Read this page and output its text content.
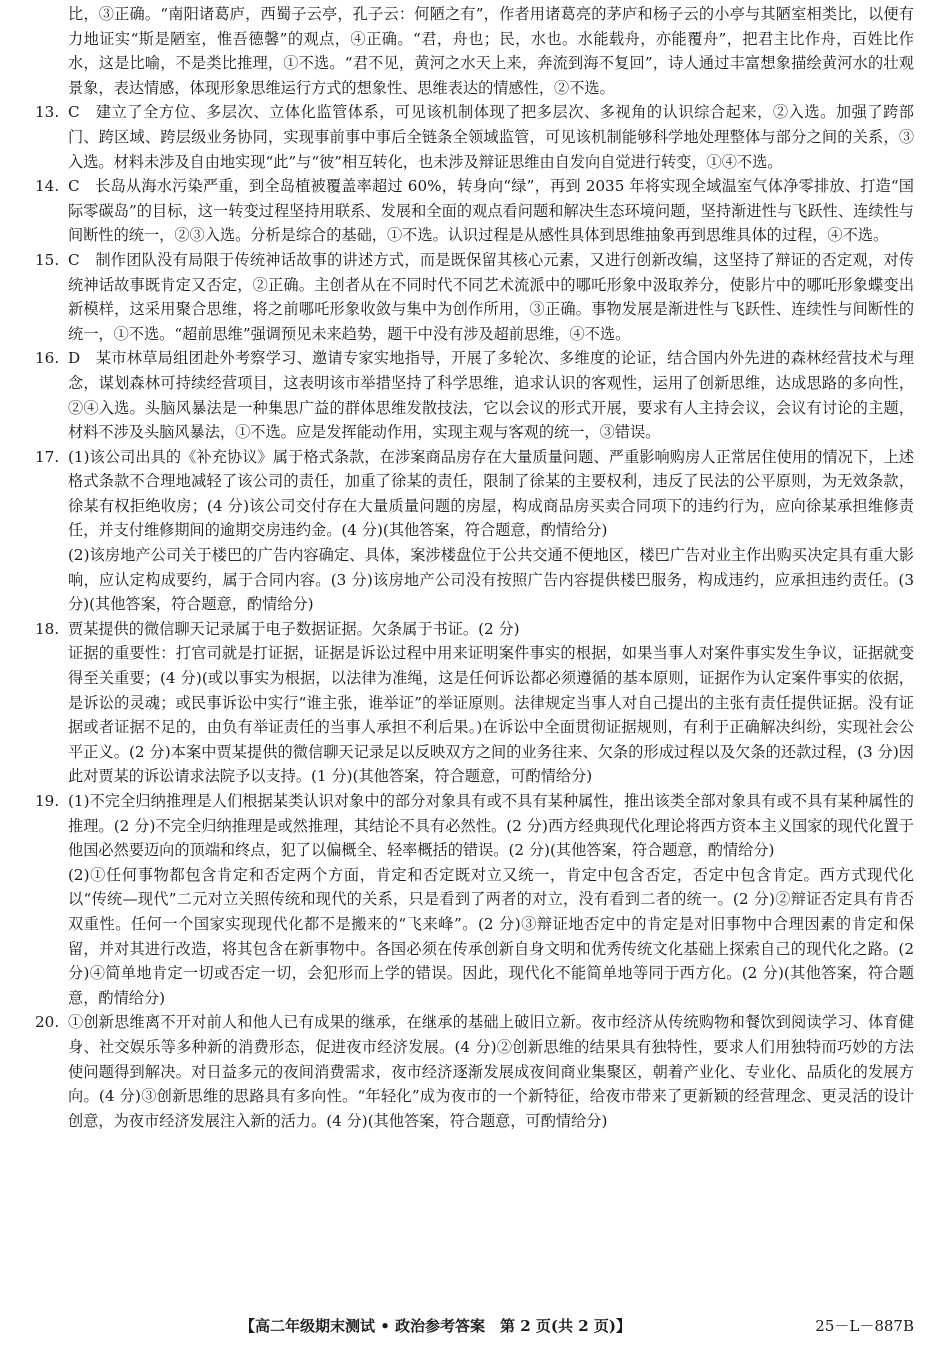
比，③正确。“南阳诸葛庐，西蜀子云亭，孔子云：何陋之有”，作者用诸葛亮的茅庐和杨子云的小亭与其陋室相类比，以便有力地证实“斯是陋室，惟吾德馨”的观点，④正确。“君，舟也；民，水也。水能载舟，亦能覆舟”，把君主比作舟，百姓比作水，这是比喻，不是类比推理，①不选。“君不见，黄河之水天上来，奔流到海不复回”，诗人通过丰富想象描绘黄河水的壮观景象，表达情感，体现形象思维运行方式的想象性、思维表达的情感性，②不选。

13. C　建立了全方位、多层次、立体化监管体系，可见该机制体现了把多层次、多视角的认识综合起来，②入选。加强了跨部门、跨区域、跨层级业务协同，实现事前事中事后全链条全领域监管，可见该机制能够科学地处理整体与部分之间的关系，③入选。材料未涉及自由地实现“此”与“彼”相互转化，也未涉及辩证思维由自发向自觉进行转变，①④不选。
14. C　长岛从海水污染严重，到全岛植被覆盖率超过 60%，转身向“绿”，再到 2035 年将实现全域温室气体净零排放、打造“国际零碳岛”的目标，这一转变过程坚持用联系、发展和全面的观点看问题和解决生态环境问题，坚持渐进性与飞跃性、连续性与间断性的统一，②③入选。分析是综合的基础，①不选。认识过程是从感性具体到思维抽象再到思维具体的过程，④不选。
15. C　制作团队没有局限于传统神话故事的讲述方式，而是既保留其核心元素，又进行创新改编，这坚持了辩证的否定观，对传统神话故事既肯定又否定，②正确。主创者从在不同时代不同艺术流派中的哪吒形象中汲取养分，使影片中的哪吒形象蝶变出新模样，这采用聚合思维，将之前哪吒形象收敛与集中为创作所用，③正确。事物发展是渐进性与飞跃性、连续性与间断性的统一，①不选。“超前思维”强调预见未来趋势，题干中没有涉及超前思维，④不选。
16. D　某市林草局组团赴外考察学习、邀请专家实地指导，开展了多轮次、多维度的论证，结合国内外先进的森林经营技术与理念，谋划森林可持续经营项目，这表明该市举措坚持了科学思维，追求认识的客观性，运用了创新思维，达成思路的多向性，②④入选。头脑风暴法是一种集思广益的群体思维发散技法，它以会议的形式开展，要求有人主持会议，会议有讨论的主题，材料不涉及头脑风暴法，①不选。应是发挥能动作用，实现主观与客观的统一，③错误。
17. (1)该公司出具的《补充协议》属于格式条款，在涉案商品房存在大量质量问题、严重影响购房人正常居住使用的情况下，上述格式条款不合理地减轻了该公司的责任，加重了徐某的责任，限制了徐某的主要权利，违反了民法的公平原则，为无效条款，徐某有权拒绝收房；(4 分)该公司交付存在大量质量问题的房屋，构成商品房买卖合同项下的违约行为，应向徐某承担维修责任，并支付维修期间的逾期交房违约金。(4 分)(其他答案，符合题意，酌情给分)
(2)该房地产公司关于楼巴的广告内容确定、具体，案涉楼盘位于公共交通不便地区，楼巴广告对业主作出购买决定具有重大影响，应认定构成要约，属于合同内容。(3 分)该房地产公司没有按照广告内容提供楼巴服务，构成违约，应承担违约责任。(3 分)(其他答案，符合题意，酌情给分)
18. 贾某提供的微信聊天记录属于电子数据证据。欠条属于书证。(2 分)
证据的重要性：打官司就是打证据，证据是诉讼过程中用来证明案件事实的根据，如果当事人对案件事实发生争议，证据就变得至关重要；(4 分)(或以事实为根据，以法律为准绳，这是任何诉讼都必须遵循的基本原则，证据作为认定案件事实的依据，是诉讼的灵魂；或民事诉讼中实行“谁主张，谁举证”的举证原则。法律规定当事人对自己提出的主张有责任提供证据。没有证据或者证据不足的，由负有举证责任的当事人承担不利后果。)在诉讼中全面贯彻证据规则，有利于正确解决纠纷，实现社会公平正义。(2 分)本案中贾某提供的微信聊天记录足以反映双方之间的业务往来、欠条的形成过程以及欠条的还款过程，(3 分)因此对贾某的诉讼请求法院予以支持。(1 分)(其他答案，符合题意，可酌情给分)
19. (1)不完全归纳推理是人们根据某类认识对象中的部分对象具有或不具有某种属性，推出该类全部对象具有或不具有某种属性的推理。(2 分)不完全归纳推理是或然推理，其结论不具有必然性。(2 分)西方经典现代化理论将西方资本主义国家的现代化置于他国必然要迈向的顶端和终点，犯了以偏概全、轻率概括的错误。(2 分)(其他答案，符合题意，酌情给分)
(2)①任何事物都包含肯定和否定两个方面，肯定和否定既对立又统一，肯定中包含否定，否定中包含肯定。西方式现代化以“传统—现代”二元对立关照传统和现代的关系，只是看到了两者的对立，没有看到二者的统一。(2 分)②辩证否定具有肯否双重性。任何一个国家实现现代化都不是搬来的“飞来峰”。(2 分)③辩证地否定中的肯定是对旧事物中合理因素的肯定和保留，并对其进行改造，将其包含在新事物中。各国必须在传承创新自身文明和优秀传统文化基础上探索自己的现代化之路。(2 分)④简单地肯定一切或否定一切，会犯形而上学的错误。因此，现代化不能简单地等同于西方化。(2 分)(其他答案，符合题意，酌情给分)
20. ①创新思维离不开对前人和他人已有成果的继承，在继承的基础上破旧立新。夜市经济从传统购物和餐饮到阅读学习、体育健身、社交娱乐等多种新的消费形态，促进夜市经济发展。(4 分)②创新思维的结果具有独特性，要求人们用独特而巧妙的方法使问题得到解决。对日益多元的夜间消费需求，夜市经济逐渐发展成夜间商业集聚区，朝着产业化、专业化、品质化的发展方向。(4 分)③创新思维的思路具有多向性。“年轻化”成为夜市的一个新特征，给夜市带来了更新颖的经营理念、更灵活的设计创意，为夜市经济发展注入新的活力。(4 分)(其他答案，符合题意，可酌情给分)
【高二年级期末测试 • 政治参考答案　第 2 页(共 2 页)】	25－L－887B
